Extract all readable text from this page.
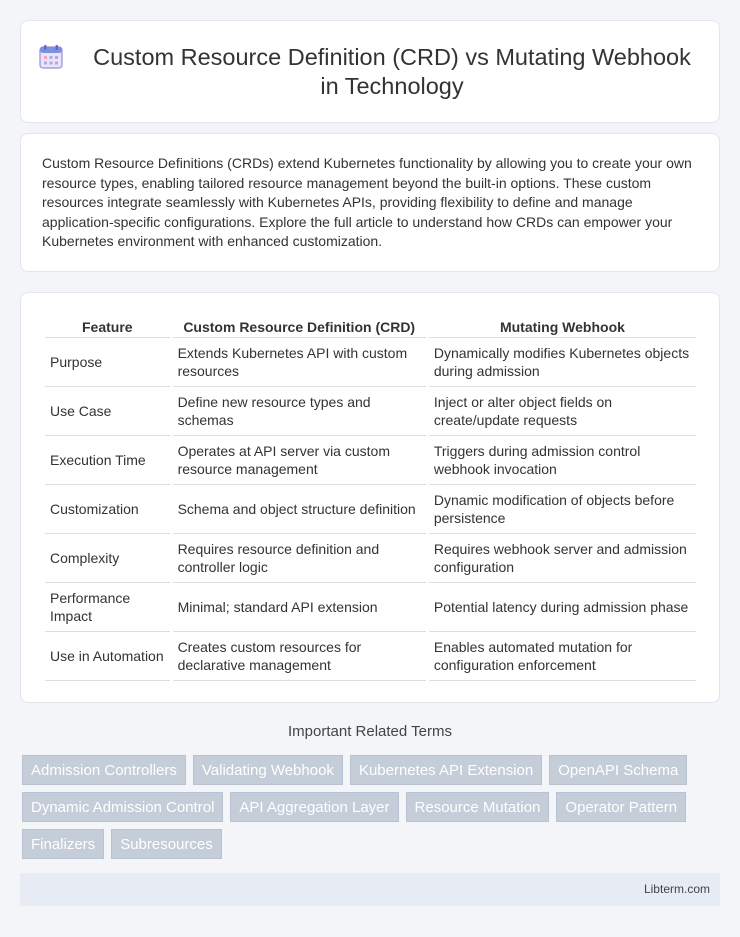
Custom Resource Definition (CRD) vs Mutating Webhook in Technology

Custom Resource Definitions (CRDs) extend Kubernetes functionality by allowing you to create your own resource types, enabling tailored resource management beyond the built-in options. These custom resources integrate seamlessly with Kubernetes APIs, providing flexibility to define and manage application-specific configurations. Explore the full article to understand how CRDs can empower your Kubernetes environment with enhanced customization.

Feature	Custom Resource Definition (CRD)	Mutating Webhook
Purpose	Extends Kubernetes API with custom resources	Dynamically modifies Kubernetes objects during admission
Use Case	Define new resource types and schemas	Inject or alter object fields on create/update requests
Execution Time	Operates at API server via custom resource management	Triggers during admission control webhook invocation
Customization	Schema and object structure definition	Dynamic modification of objects before persistence
Complexity	Requires resource definition and controller logic	Requires webhook server and admission configuration
Performance Impact	Minimal; standard API extension	Potential latency during admission phase
Use in Automation	Creates custom resources for declarative management	Enables automated mutation for configuration enforcement
Important Related Terms
Admission Controllers	Validating Webhook	Kubernetes API Extension	OpenAPI Schema
Dynamic Admission Control	API Aggregation Layer	Resource Mutation	Operator Pattern
Finalizers	Subresources
Libterm.com
